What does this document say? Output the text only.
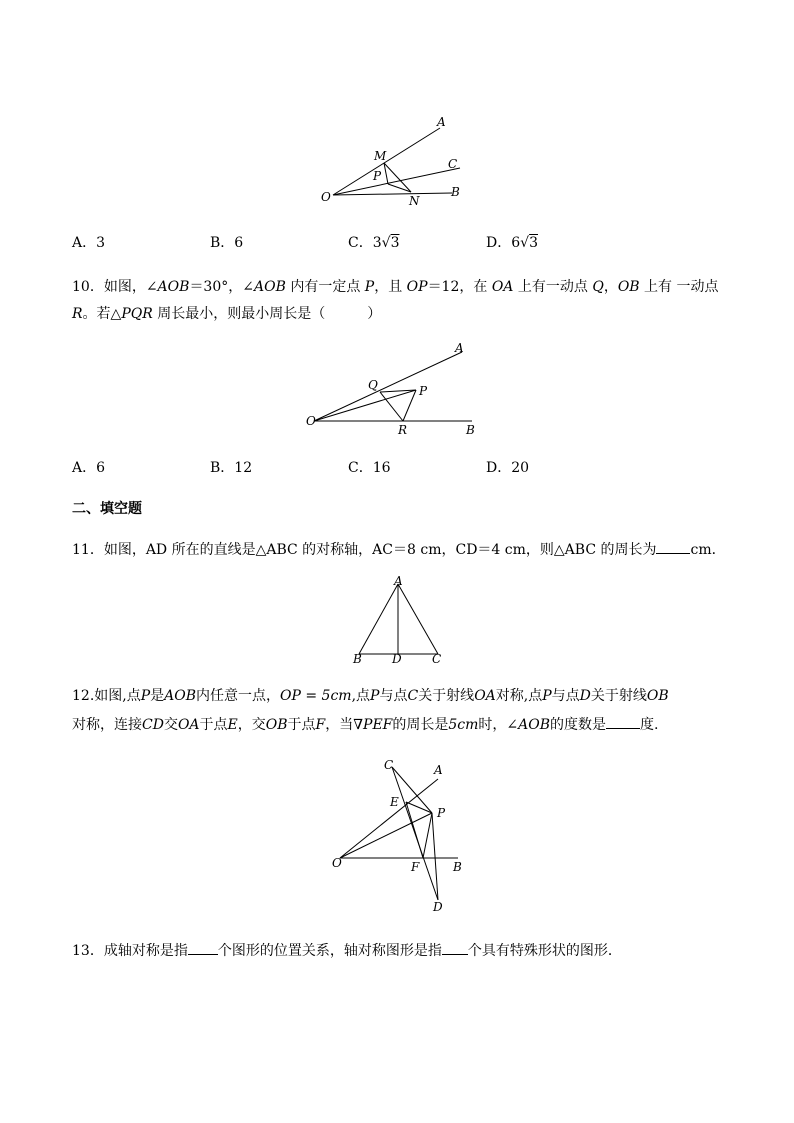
A
M
C
P
O	N
B
A．3	B．6	C．3√3	D．6√3
10．如图，∠AOB＝30°，∠AOB 内有一定点 P，且 OP＝12，在 OA 上有一动点 Q，OB 上有 一动点
R。若△PQR 周长最小，则最小周长是（　　　）
A
Q	P
O
R	B
A．6	B．12	C．16	D．20
二、填空题
11．如图，AD 所在的直线是△ABC 的对称轴，AC＝8 cm，CD＝4 cm，则△ABC 的周长为 cm．
A
B	D	C
12.如图,点P是AOB内任意一点，OP = 5cm,点P与点C关于射线OA对称,点P与点D关于射线OB
对称，连接CD交OA于点E，交OB于点F，当∇PEF的周长是5cm时，∠AOB的度数是 度.
C	A
E
P
O	F	B
D
13．成轴对称是指 个图形的位置关系，轴对称图形是指 个具有特殊形状的图形．
